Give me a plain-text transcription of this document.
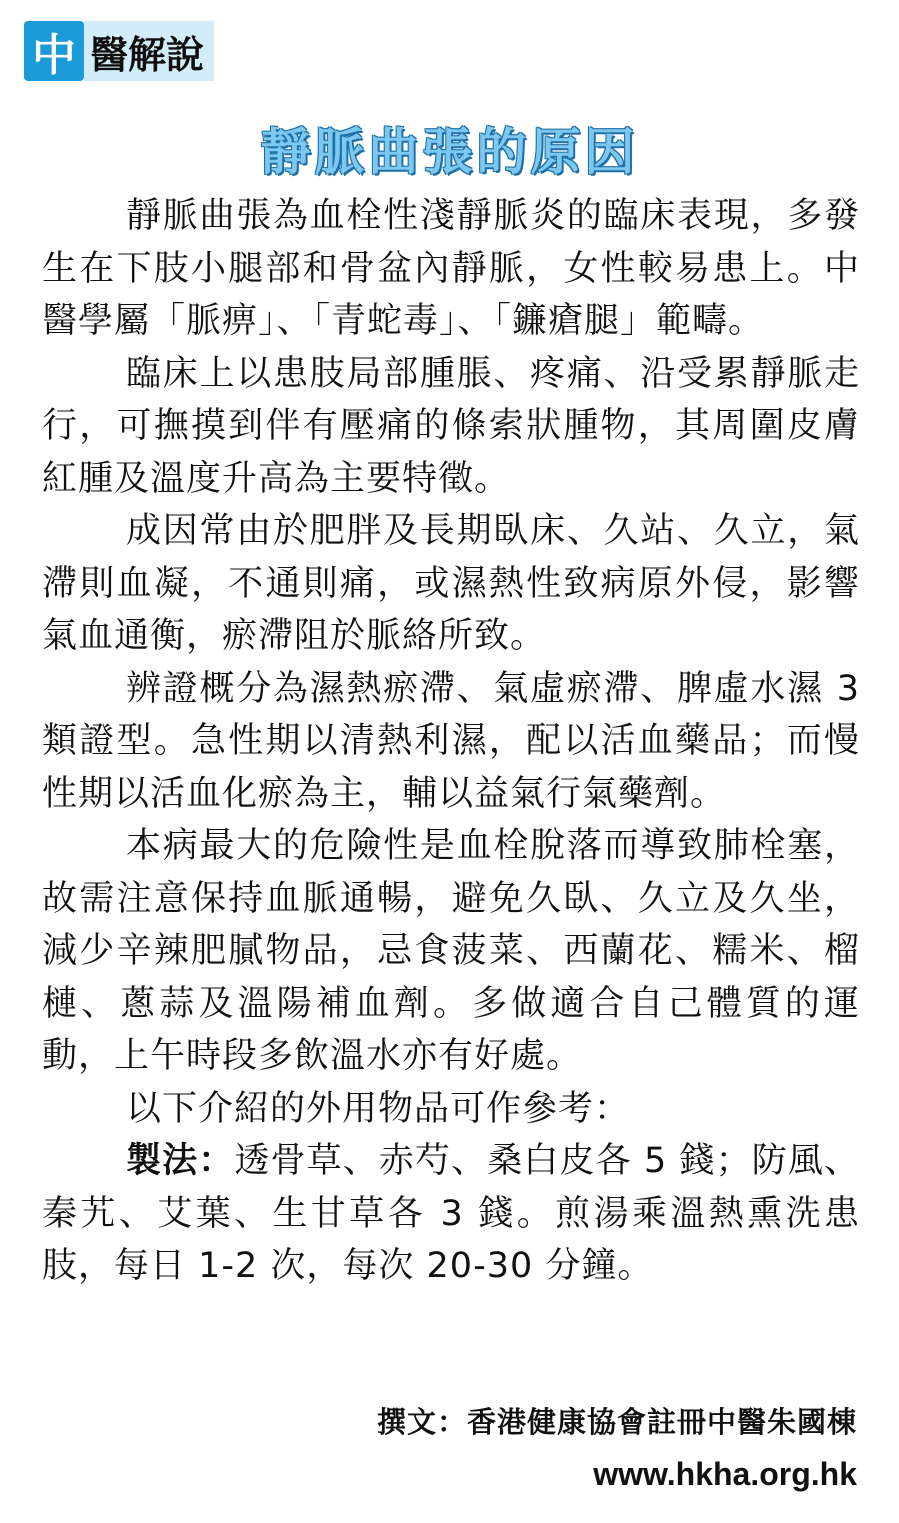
中 醫解說
靜脈曲張的原因

靜脈曲張為血栓性淺靜脈炎的臨床表現，多發生在下肢小腿部和骨盆內靜脈，女性較易患上。中醫學屬「脈痹」、「青蛇毒」、「鐮瘡腿」範疇。

臨床上以患肢局部腫脹、疼痛、沿受累靜脈走行，可撫摸到伴有壓痛的條索狀腫物，其周圍皮膚紅腫及溫度升高為主要特徵。

成因常由於肥胖及長期臥床、久站、久立，氣滯則血凝，不通則痛，或濕熱性致病原外侵，影響氣血通衡，瘀滯阻於脈絡所致。

辨證概分為濕熱瘀滯、氣虛瘀滯、脾虛水濕 3 類證型。急性期以清熱利濕，配以活血藥品；而慢性期以活血化瘀為主，輔以益氣行氣藥劑。

本病最大的危險性是血栓脫落而導致肺栓塞，故需注意保持血脈通暢，避免久臥、久立及久坐，減少辛辣肥膩物品，忌食菠菜、西蘭花、糯米、榴槤、蔥蒜及溫陽補血劑。多做適合自己體質的運動，上午時段多飲溫水亦有好處。

以下介紹的外用物品可作參考：

製法：透骨草、赤芍、桑白皮各 5 錢；防風、秦艽、艾葉、生甘草各 3 錢。煎湯乘溫熱熏洗患肢，每日 1-2 次，每次 20-30 分鐘。

撰文：香港健康協會註冊中醫朱國棟
www.hkha.org.hk
